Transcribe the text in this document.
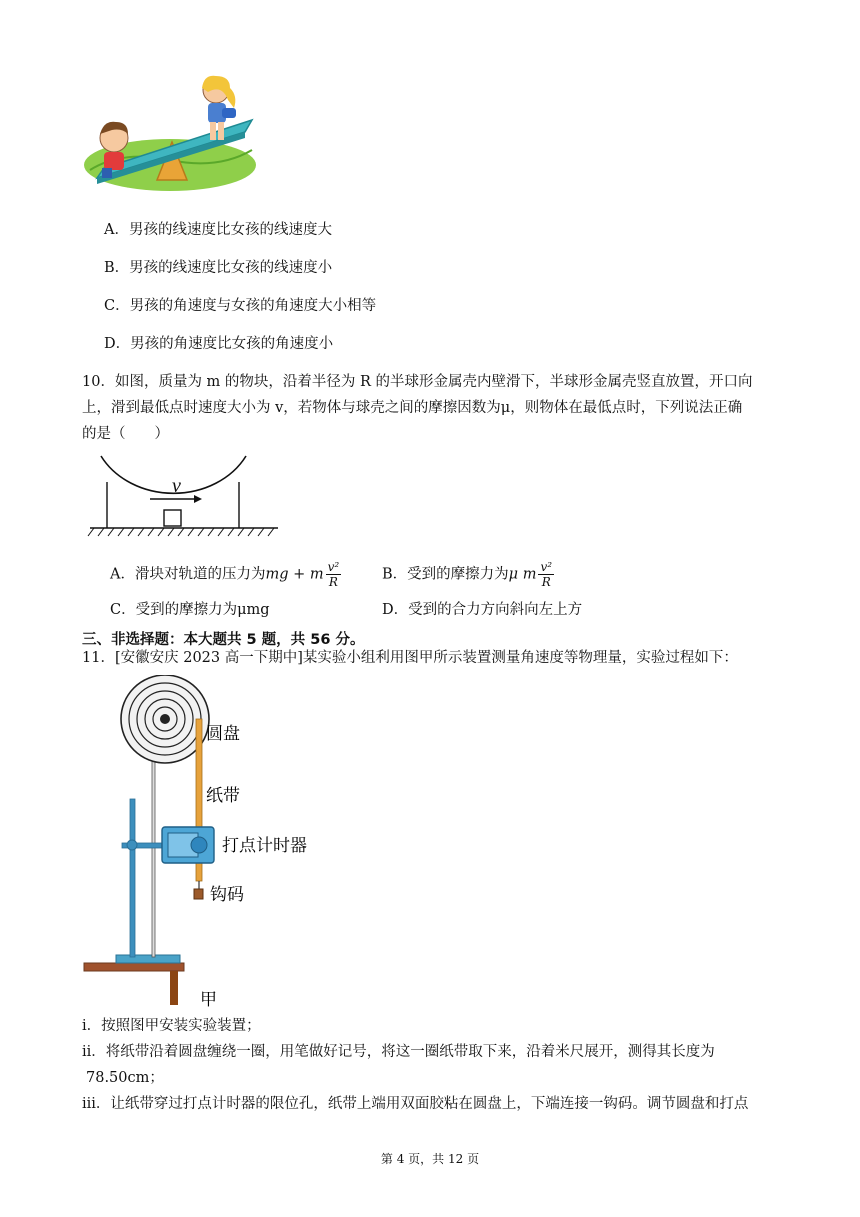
A．男孩的线速度比女孩的线速度大
B．男孩的线速度比女孩的线速度小
C．男孩的角速度与女孩的角速度大小相等
D．男孩的角速度比女孩的角速度小
10．如图，质量为 m 的物块，沿着半径为 R 的半球形金属壳内壁滑下，半球形金属壳竖直放置，开口向
上，滑到最低点时速度大小为 v，若物体与球壳之间的摩擦因数为μ，则物体在最低点时，下列说法正确
的是（　　）
v
A．滑块对轨道的压力为mg + m $\frac{\text{v²}}{R}$	B．受到的摩擦力为μ m $\frac{\text{v²}}{R}$
C．受到的摩擦力为μmg	D．受到的合力方向斜向左上方
三、非选择题：本大题共 5 题，共 56 分。
11．[安徽安庆 2023 高一下期中]某实验小组利用图甲所示装置测量角速度等物理量，实验过程如下：
圆盘
纸带
打点计时器
钩码
甲
i．按照图甲安装实验装置；
ii．将纸带沿着圆盘缠绕一圈，用笔做好记号，将这一圈纸带取下来，沿着米尺展开，测得其长度为
78.50cm；
iii．让纸带穿过打点计时器的限位孔，纸带上端用双面胶粘在圆盘上，下端连接一钩码。调节圆盘和打点
第 4 页，共 12 页
